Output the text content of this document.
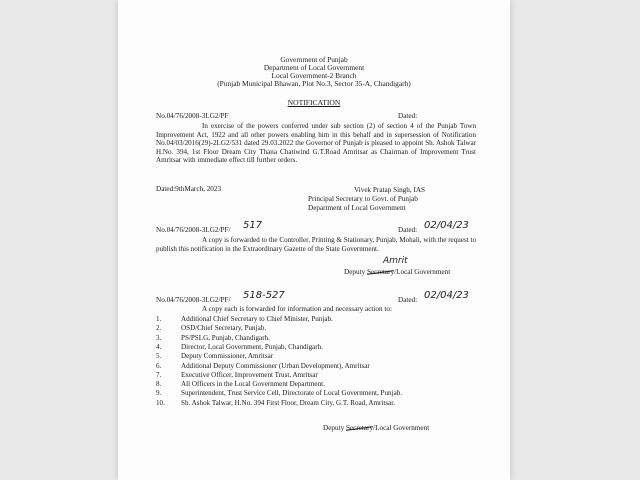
Government of Punjab
Department of Local Government
Local Government-2 Branch
(Punjab Municipal Bhawan, Plot No.3, Sector 35-A, Chandigarh)
NOTIFICATION
No.04/76/2008-3LG2/PF	Dated:
In exercise of the powers conferred under sub section (2) of section 4 of the Punjab Town Improvement Act, 1922 and all other powers enabling him in this behalf and in supersession of Notification No.04/03/2016(29)-2LG2/531 dated 29.03.2022 the Governor of Punjab is pleased to appoint Sh. Ashok Talwar H.No. 394, 1st Floor Dream City Thana Chatiwind G.T.Road Amritsar as Chairman of Improvement Trust Amritsar with immediate effect till further orders.
Dated:9thMarch, 2023	Vivek Pratap Singh, IAS
Principal Secretary to Govt. of Punjab
Department of Local Government
No.04/76/2008-3LG2/PF/ 517	Dated: 02/04/23
A copy is forwarded to the Controller, Printing & Stationary, Punjab, Mohali, with the request to publish this notification in the Extraordinary Gazette of the State Government.
Amrit
Deputy Secretary/Local Government
No.04/76/2008-3LG2/PF/ 518-527	Dated: 02/04/23
A copy each is forwarded for information and necessary action to:
1.	Additional Chief Secretary to Chief Minister, Punjab.
2.	OSD/Chief Secretary, Punjab.
3.	PS/PSLG, Punjab, Chandigarh.
4.	Director, Local Government, Punjab, Chandigarh.
5.	Deputy Commissioner, Amritsar
6.	Additional Deputy Commissioner (Urban Development), Amritsar
7.	Executive Officer, Improvement Trust, Amritsar
8.	All Officers in the Local Government Department.
9.	Superintendent, Trust Service Cell, Directorate of Local Government, Punjab.
10. Sh. Ashok Talwar, H.No. 394 First Floor, Dream City, G.T. Road, Amritsar.
Deputy Secretary/Local Government
